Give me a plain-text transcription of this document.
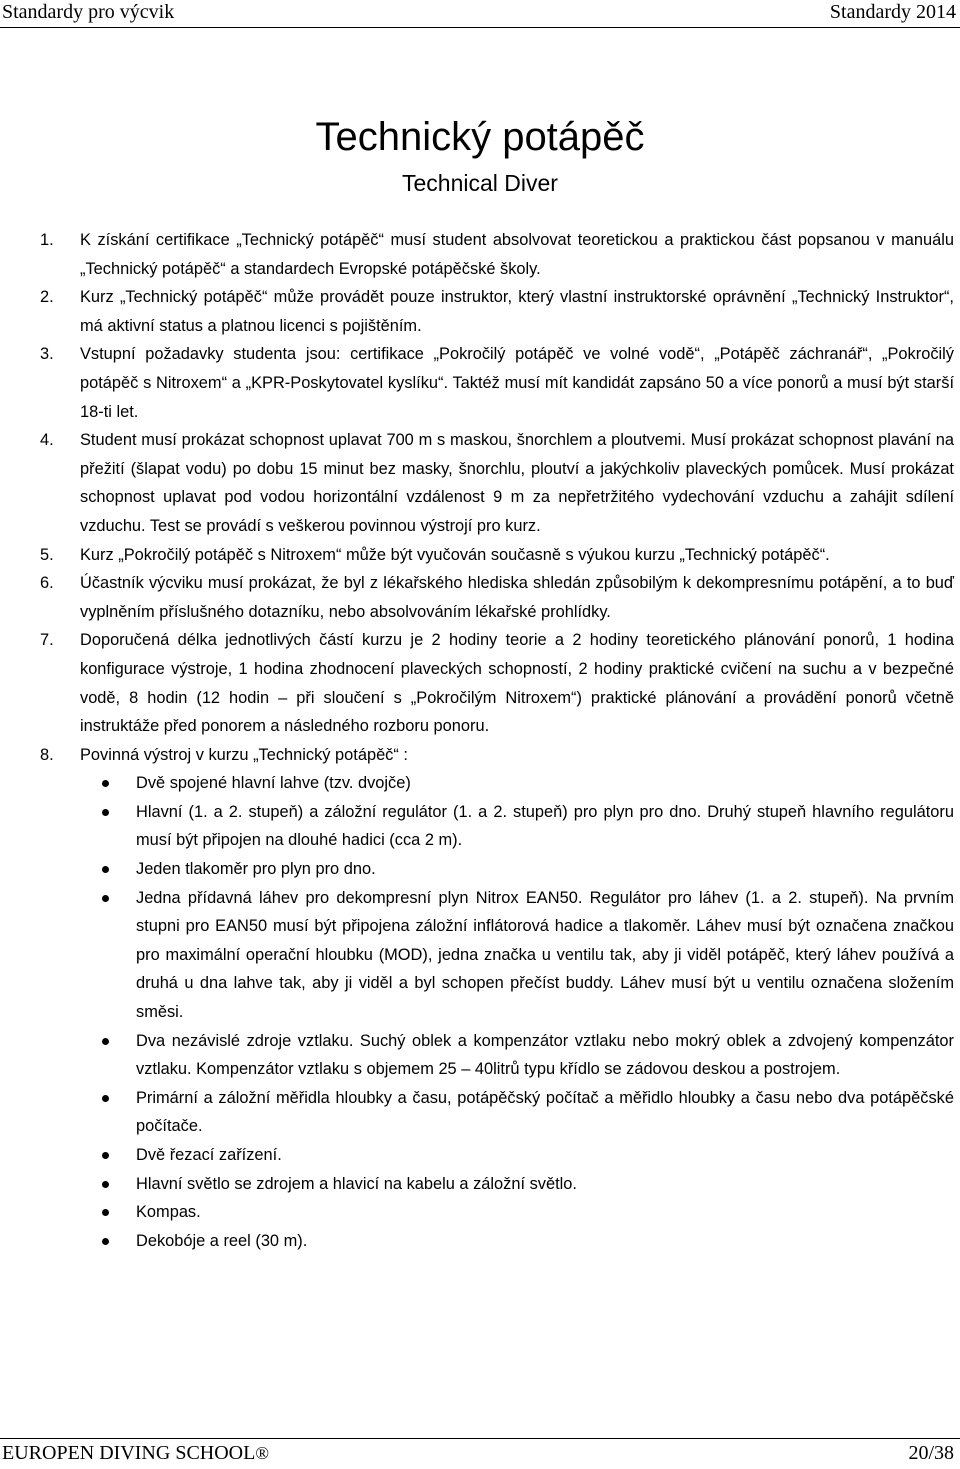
Standardy pro výcvik	Standardy 2014
Technický potápěč
Technical Diver
1. K získání certifikace „Technický potápěč“ musí student absolvovat teoretickou a praktickou část popsanou v manuálu „Technický potápěč“ a standardech Evropské potápěčské školy.
2. Kurz „Technický potápěč“ může provádět pouze instruktor, který vlastní instruktorské oprávnění „Technický Instruktor“, má aktivní status a platnou licenci s pojištěním.
3. Vstupní požadavky studenta jsou: certifikace „Pokročilý potápěč ve volné vodě“, „Potápěč záchranář“, „Pokročilý potápěč s Nitroxem“ a „KPR-Poskytovatel kyslíku“. Taktéž musí mít kandidát zapsáno 50 a více ponorů a musí být starší 18-ti let.
4. Student musí prokázat schopnost uplavat 700 m s maskou, šnorchlem a ploutvemi. Musí prokázat schopnost plavání na přežití (šlapat vodu) po dobu 15 minut bez masky, šnorchlu, ploutví a jakýchkoliv plaveckých pomůcek. Musí prokázat schopnost uplavat pod vodou horizontální vzdálenost 9 m za nepřetržitého vydechování vzduchu a zahájit sdílení vzduchu. Test se provádí s veškerou povinnou výstrojí pro kurz.
5. Kurz „Pokročilý potápěč s Nitroxem“ může být vyučován současně s výukou kurzu „Technický potápěč“.
6. Účastník výcviku musí prokázat, že byl z lékařského hlediska shledán způsobilým k dekompresnímu potápění, a to buď vyplněním příslušného dotazníku, nebo absolvováním lékařské prohlídky.
7. Doporučená délka jednotlivých částí kurzu je 2 hodiny teorie a 2 hodiny teoretického plánování ponorů, 1 hodina konfigurace výstroje, 1 hodina zhodnocení plaveckých schopností, 2 hodiny praktické cvičení na suchu a v bezpečné vodě, 8 hodin (12 hodin – při sloučení s „Pokročilým Nitroxem“) praktické plánování a provádění ponorů včetně instruktáže před ponorem a následného rozboru ponoru.
8. Povinná výstroj v kurzu „Technický potápěč“ :
Dvě spojené hlavní lahve (tzv. dvojče)
Hlavní (1. a 2. stupeň) a záložní regulátor (1. a 2. stupeň) pro plyn pro dno. Druhý stupeň hlavního regulátoru musí být připojen na dlouhé hadici (cca 2 m).
Jeden tlakoměr pro plyn pro dno.
Jedna přídavná láhev pro dekompresní plyn Nitrox EAN50. Regulátor pro láhev (1. a 2. stupeň). Na prvním stupni pro EAN50 musí být připojena záložní inflátorová hadice a tlakoměr. Láhev musí být označena značkou pro maximální operační hloubku (MOD), jedna značka u ventilu tak, aby ji viděl potápěč, který láhev používá a druhá u dna lahve tak, aby ji viděl a byl schopen přečíst buddy. Láhev musí být u ventilu označena složením směsi.
Dva nezávislé zdroje vztlaku. Suchý oblek a kompenzátor vztlaku nebo mokrý oblek a zdvojený kompenzátor vztlaku. Kompenzátor vztlaku s objemem 25 – 40litrů typu křídlo se zádovou deskou a postrojem.
Primární a záložní měřidla hloubky a času, potápěčský počítač a měřidlo hloubky a času nebo dva potápěčské počítače.
Dvě řezací zařízení.
Hlavní světlo se zdrojem a hlavicí na kabelu a záložní světlo.
Kompas.
Dekobóje a reel (30 m).
EUROPEN DIVING SCHOOL®	20/38
